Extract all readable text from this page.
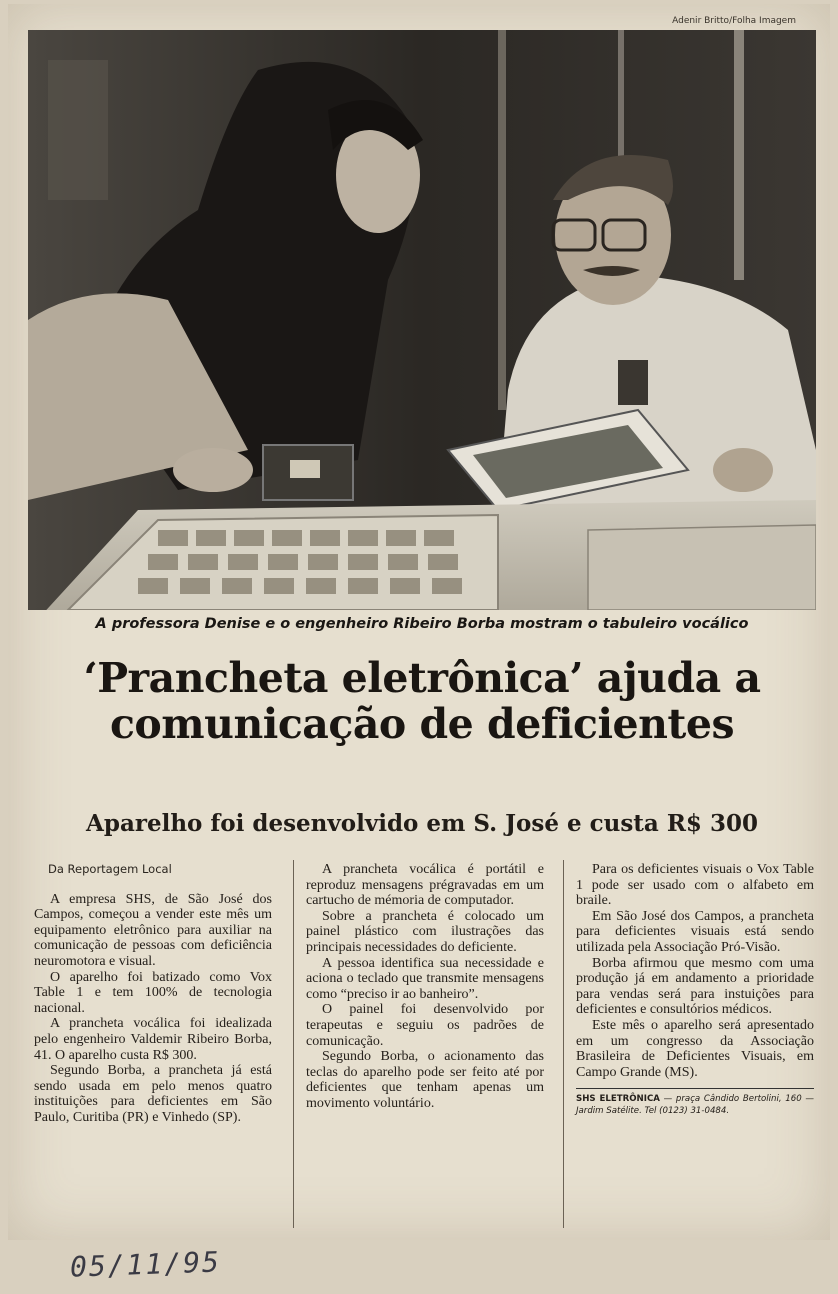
Adenir Britto/Folha Imagem
A professora Denise e o engenheiro Ribeiro Borba mostram o tabuleiro vocálico
‘Prancheta eletrônica’ ajuda a comunicação de deficientes
Aparelho foi desenvolvido em S. José e custa R$ 300
Da Reportagem Local

A empresa SHS, de São José dos Campos, começou a vender este mês um equipamento eletrônico para auxiliar na comunicação de pessoas com deficiência neuromotora e visual.

O aparelho foi batizado como Vox Table 1 e tem 100% de tecnologia nacional.

A prancheta vocálica foi idealizada pelo engenheiro Valdemir Ribeiro Borba, 41. O aparelho custa R$ 300.

Segundo Borba, a prancheta já está sendo usada em pelo menos quatro instituições para deficientes em São Paulo, Curitiba (PR) e Vinhedo (SP).

A prancheta vocálica é portátil e reproduz mensagens prégravadas em um cartucho de mémoria de computador.

Sobre a prancheta é colocado um painel plástico com ilustrações das principais necessidades do deficiente.

A pessoa identifica sua necessidade e aciona o teclado que transmite mensagens como “preciso ir ao banheiro”.

O painel foi desenvolvido por terapeutas e seguiu os padrões de comunicação.

Segundo Borba, o acionamento das teclas do aparelho pode ser feito até por deficientes que tenham apenas um movimento voluntário.

Para os deficientes visuais o Vox Table 1 pode ser usado com o alfabeto em braile.

Em São José dos Campos, a prancheta para deficientes visuais está sendo utilizada pela Associação Pró-Visão.

Borba afirmou que mesmo com uma produção já em andamento a prioridade para vendas será para instuições para deficientes e consultórios médicos.

Este mês o aparelho será apresentado em um congresso da Associação Brasileira de Deficientes Visuais, em Campo Grande (MS).

SHS ELETRÔNICA — praça Cândido Bertolini, 160 — Jardim Satélite. Tel (0123) 31-0484.
05/11/95
